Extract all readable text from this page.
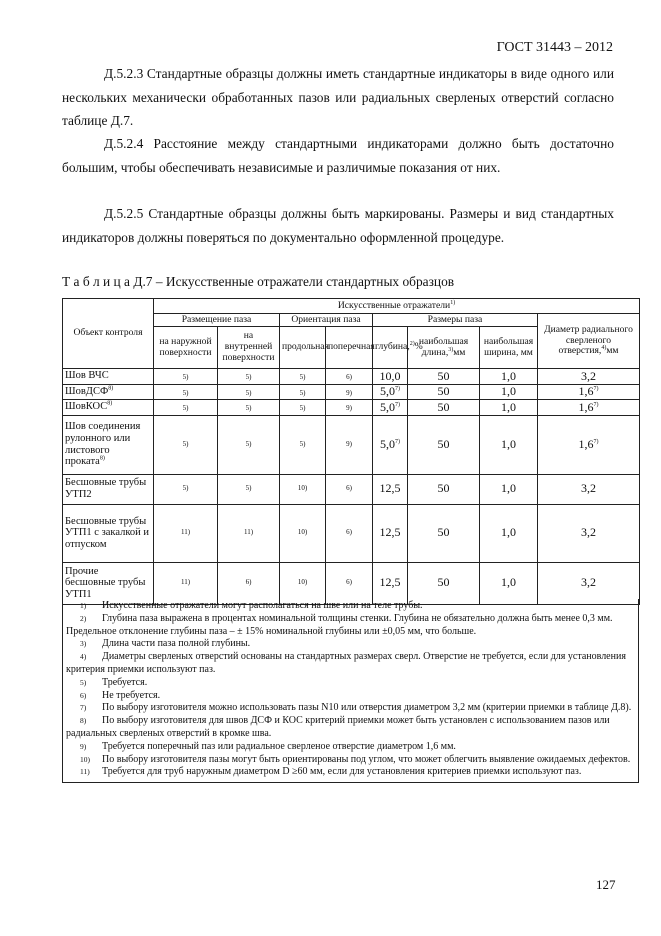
ГОСТ 31443 – 2012

Д.5.2.3 Стандартные образцы должны иметь стандартные индикаторы в виде одного или нескольких механически обработанных пазов или радиальных сверленых отверстий согласно таблице Д.7.

Д.5.2.4 Расстояние между стандартными индикаторами должно быть достаточно большим, чтобы обеспечивать независимые и различимые показания от них.

Д.5.2.5 Стандартные образцы должны быть маркированы. Размеры и вид стандартных индикаторов должны поверяться по документально оформленной процедуре.

Т а б л и ц а Д.7 – Искусственные отражатели стандартных образцов
Объект контроля	Искусственные отражатели$^{1)}$
	Размещение паза		Ориентация паза		Размеры паза			Диаметр радиального сверленого отверстия,$^{4)}$мм
	на наружной поверхности	на внутренней поверхности	продольная	поперечная	глубина,$^{2)}$%	наибольшая длина,$^{3)}$мм	наибольшая ширина, мм	
Шов ВЧС	5)	5)	5)	6)	10,0	50	1,0	3,2
ШовДСФ$^{8)}$	5)	5)	5)	9)	5,0$^{7)}$	50	1,0	1,6$^{7)}$
ШовКОС$^{8)}$	5)	5)	5)	9)	5,0$^{7)}$	50	1,0	1,6$^{7)}$
Шов соединения рулонного или листового проката$^{8)}$	5)	5)	5)	9)	5,0$^{7)}$	50	1,0	1,6$^{7)}$
Бесшовные трубы УТП2	5)	5)	10)	6)	12,5	50	1,0	3,2
Бесшовные трубы УТП1 с закалкой и отпуском	11)	11)	10)	6)	12,5	50	1,0	3,2
Прочие бесшовные трубы УТП1	11)	6)	10)	6)	12,5	50	1,0	3,2
1) Искусственные отражатели могут располагаться на шве или на теле трубы.
2) Глубина паза выражена в процентах номинальной толщины стенки. Глубина не обязательно должна быть менее 0,3 мм. Предельное отклонение глубины паза – ± 15% номинальной глубины или ±0,05 мм, что больше.
3) Длина части паза полной глубины.
4) Диаметры сверленых отверстий основаны на стандартных размерах сверл. Отверстие не требуется, если для установления критерия приемки используют паз.
5) Требуется.
6) Не требуется.
7) По выбору изготовителя можно использовать пазы N10 или отверстия диаметром 3,2 мм (критерии приемки в таблице Д.8).
8) По выбору изготовителя для швов ДСФ и КОС критерий приемки может быть установлен с использованием пазов или радиальных сверленых отверстий в кромке шва.
9) Требуется поперечный паз или радиальное сверленое отверстие диаметром 1,6 мм.
10) По выбору изготовителя пазы могут быть ориентированы под углом, что может облегчить выявление ожидаемых дефектов.
11) Требуется для труб наружным диаметром D ≥60 мм, если для установления критериев приемки используют паз.
127
